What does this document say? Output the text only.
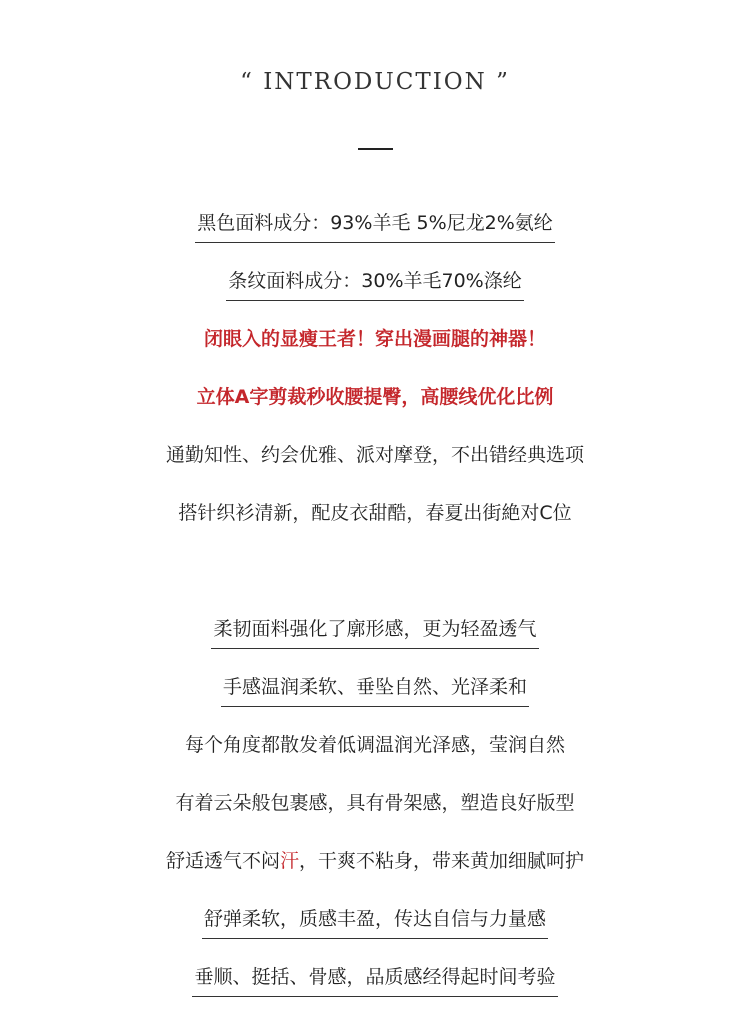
“ INTRODUCTION ”
黑色面料成分：93%羊毛 5%尼龙2%氨纶
条纹面料成分：30%羊毛70%涤纶
闭眼入的显瘦王者！穿出漫画腿的神器！
立体A字剪裁秒收腰提臀，高腰线优化比例
通勤知性、约会优雅、派对摩登，不出错经典选项
搭针织衫清新，配皮衣甜酷，春夏出街絶对C位
柔韧面料强化了廓形感，更为轻盈透气
手感温润柔软、垂坠自然、光泽柔和
每个角度都散发着低调温润光泽感，莹润自然
有着云朵般包裹感，具有骨架感，塑造良好版型
舒适透气不闷汗，干爽不粘身，带来黄加细腻呵护
舒弹柔软，质感丰盈，传达自信与力量感
垂顺、挺括、骨感，品质感经得起时间考验
